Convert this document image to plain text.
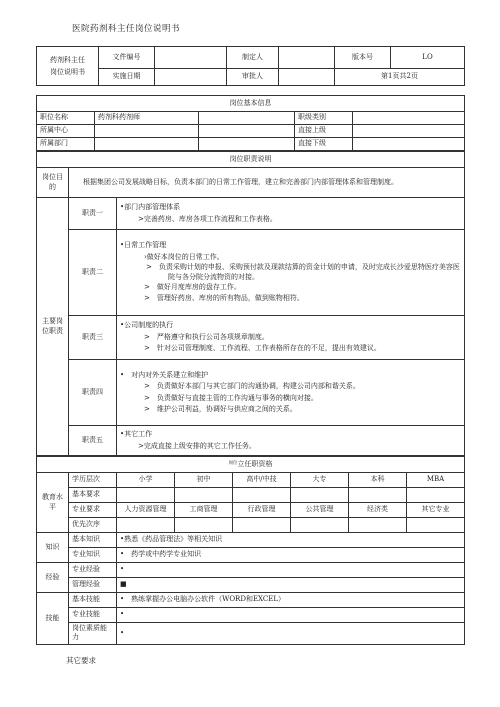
医院药剂科主任岗位说明书
药剂科主任
岗位说明书	文件编号		制定人		版本号	LO
	实施日期		审批人		第1页共2页	
岗位基本信息				
职位名称	药剂科药剂师		职级类别	
所属中心			直接上级	
所属部门			直接下级	
岗位职责说明		
岗位目的	根据集团公司发展战略目标，负责本部门的日常工作管理，建立和完善部门内部管理体系和管理制度。	
主要岗位职责	职责一	•部门内部管理体系
>完善药房、库房各项工作流程和工作表格。

	职责二	•日常工作管理
›做好本岗位的日常工作。
>　负责采购计划的申报、采购预付款及现款结算的资金计划的申请，及时完成长沙爱思特医疗美容医院与各分院分流物资的对接。
>　做好月度库房的盘存工作。
>　管理好药房、库房的所有物品，做到账物相符。

	职责三	•公司制度的执行
>　严格遵守和执行公司各项规章制度。
>　针对公司管理制度、工作流程、工作表格所存在的不足，提出有效建议。

	职责四	•　对内对外关系建立和维护
>　负责做好本部门与其它部门的沟通协调，构建公司内部和谐关系。
>　负责做好与直接主管的工作沟通与事务的横向对接。
>　维护公司利益，协调好与供应商之间的关系。

	职责五	•其它工作
>完成直接上级安排的其它工作任务。
岗位立任职资格							
教育水平	学历层次	小学	初中	高中/中技	大专	本科	MBA
	基本要求						
	专业要求	人力资源管理	工商管理	行政管理	公共管理	经济类	其它专业
	优先次序						
知识	基本知识	•熟悉《药品管理法》等相关知识					
	专业知识	•　药学或中药学专业知识					
经验	专业经验	•					
	管理经验	■					
技能	基本技能	•　熟练掌握办公电脑办公软件（WORD和EXCEL）					
	专业技能	•					
	岗位素质能力	•					
其它要求
